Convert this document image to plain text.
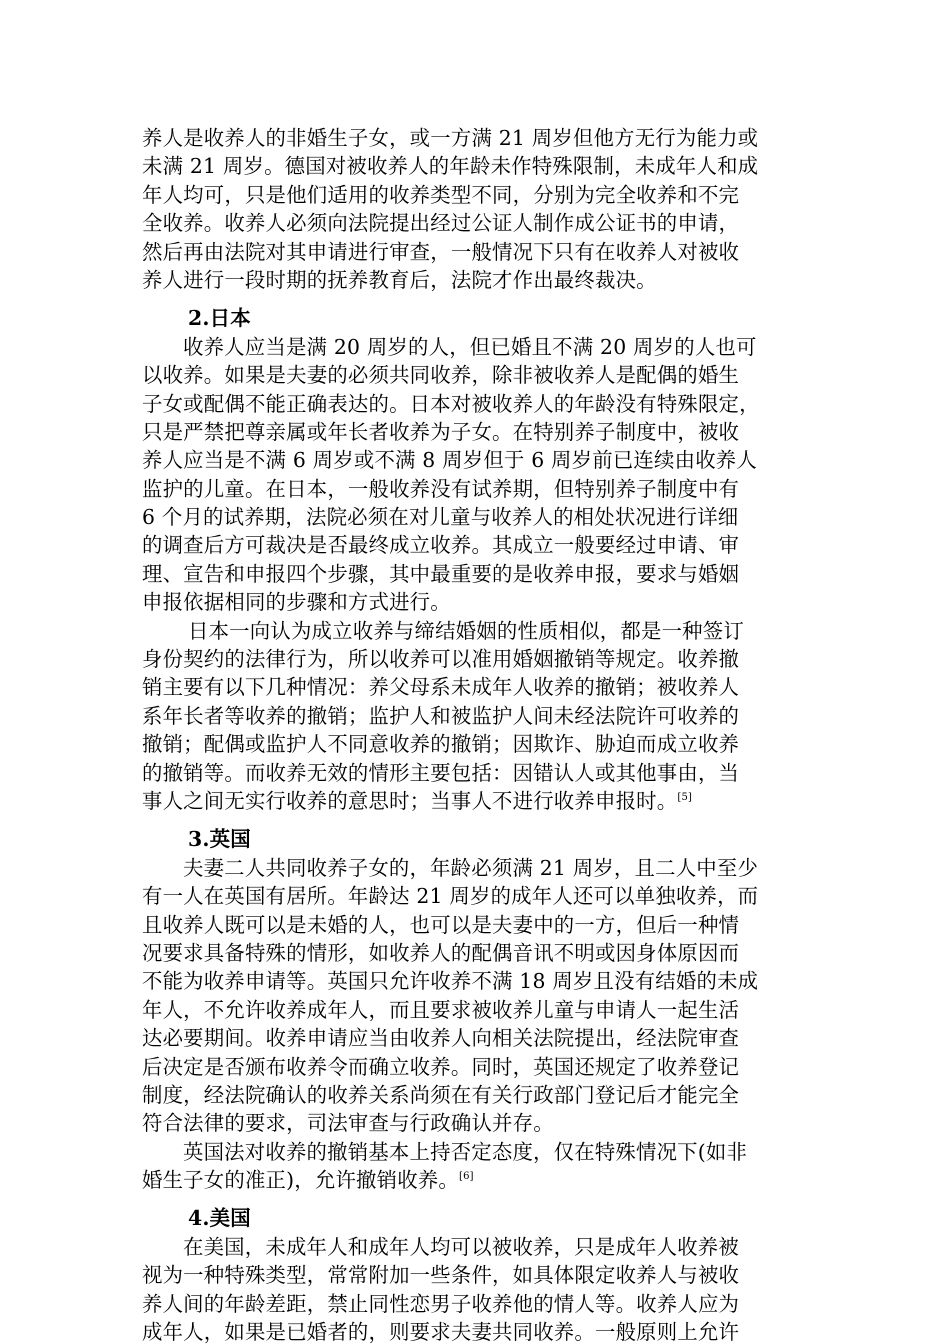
养人是收养人的非婚生子女，或一方满 21 周岁但他方无行为能力或
未满 21 周岁。德国对被收养人的年龄未作特殊限制，未成年人和成
年人均可，只是他们适用的收养类型不同，分别为完全收养和不完
全收养。收养人必须向法院提出经过公证人制作成公证书的申请，
然后再由法院对其申请进行审查，一般情况下只有在收养人对被收
养人进行一段时期的抚养教育后，法院才作出最终裁决。
2.日本
收养人应当是满 20 周岁的人，但已婚且不满 20 周岁的人也可
以收养。如果是夫妻的必须共同收养，除非被收养人是配偶的婚生
子女或配偶不能正确表达的。日本对被收养人的年龄没有特殊限定，
只是严禁把尊亲属或年长者收养为子女。在特别养子制度中，被收
养人应当是不满 6 周岁或不满 8 周岁但于 6 周岁前已连续由收养人
监护的儿童。在日本，一般收养没有试养期，但特别养子制度中有
6 个月的试养期，法院必须在对儿童与收养人的相处状况进行详细
的调查后方可裁决是否最终成立收养。其成立一般要经过申请、审
理、宣告和申报四个步骤，其中最重要的是收养申报，要求与婚姻
申报依据相同的步骤和方式进行。
日本一向认为成立收养与缔结婚姻的性质相似，都是一种签订
身份契约的法律行为，所以收养可以准用婚姻撤销等规定。收养撤
销主要有以下几种情况：养父母系未成年人收养的撤销；被收养人
系年长者等收养的撤销；监护人和被监护人间未经法院许可收养的
撤销；配偶或监护人不同意收养的撤销；因欺诈、胁迫而成立收养
的撤销等。而收养无效的情形主要包括：因错认人或其他事由，当
事人之间无实行收养的意思时；当事人不进行收养申报时。[5]
3.英国
夫妻二人共同收养子女的，年龄必须满 21 周岁，且二人中至少
有一人在英国有居所。年龄达 21 周岁的成年人还可以单独收养，而
且收养人既可以是未婚的人，也可以是夫妻中的一方，但后一种情
况要求具备特殊的情形，如收养人的配偶音讯不明或因身体原因而
不能为收养申请等。英国只允许收养不满 18 周岁且没有结婚的未成
年人，不允许收养成年人，而且要求被收养儿童与申请人一起生活
达必要期间。收养申请应当由收养人向相关法院提出，经法院审查
后决定是否颁布收养令而确立收养。同时，英国还规定了收养登记
制度，经法院确认的收养关系尚须在有关行政部门登记后才能完全
符合法律的要求，司法审查与行政确认并存。
英国法对收养的撤销基本上持否定态度，仅在特殊情况下(如非
婚生子女的准正)，允许撤销收养。[6]
4.美国
在美国，未成年人和成年人均可以被收养，只是成年人收养被
视为一种特殊类型，常常附加一些条件，如具体限定收养人与被收
养人间的年龄差距，禁止同性恋男子收养他的情人等。收养人应为
成年人，如果是已婚者的，则要求夫妻共同收养。一般原则上允许
